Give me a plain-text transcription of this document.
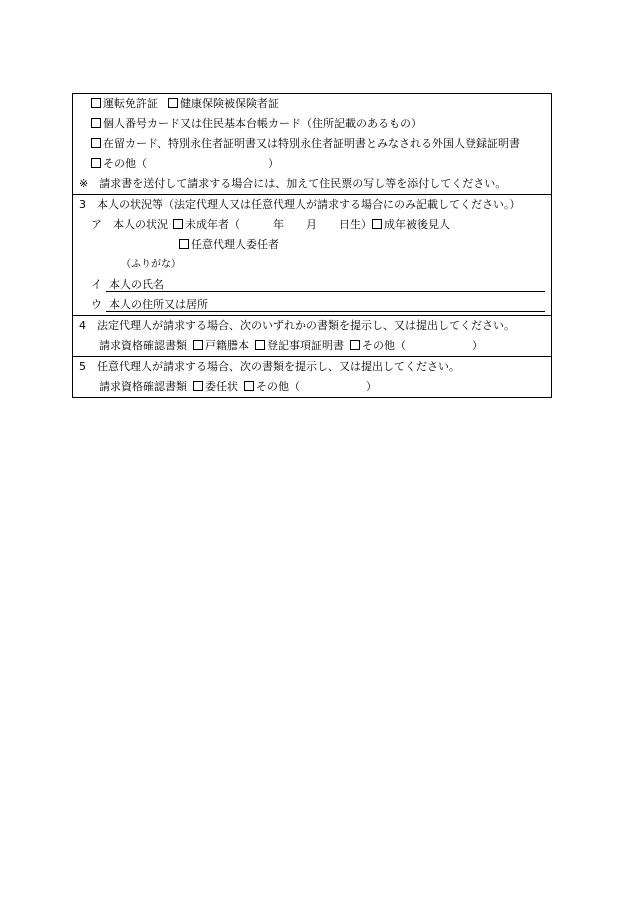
運転免許証 健康保険被保険者証
個人番号カード又は住民基本台帳カード（住所記載のあるもの）
在留カード、特別永住者証明書又は特別永住者証明書とみなされる外国人登録証明書
その他（　　　　　　　　　　　）
※　請求書を送付して請求する場合には、加えて住民票の写し等を添付してください。
3　本人の状況等（法定代理人又は任意代理人が請求する場合にのみ記載してください。）
ア　本人の状況 未成年者（　　　年　　月　　日生） 成年被後見人
任意代理人委任者
（ふりがな）
イ 本人の氏名
ウ 本人の住所又は居所
4　法定代理人が請求する場合、次のいずれかの書類を提示し、又は提出してください。
請求資格確認書類 戸籍謄本 登記事項証明書 その他（　　　　　　）
5　任意代理人が請求する場合、次の書類を提示し、又は提出してください。
請求資格確認書類 委任状 その他（　　　　　　）
